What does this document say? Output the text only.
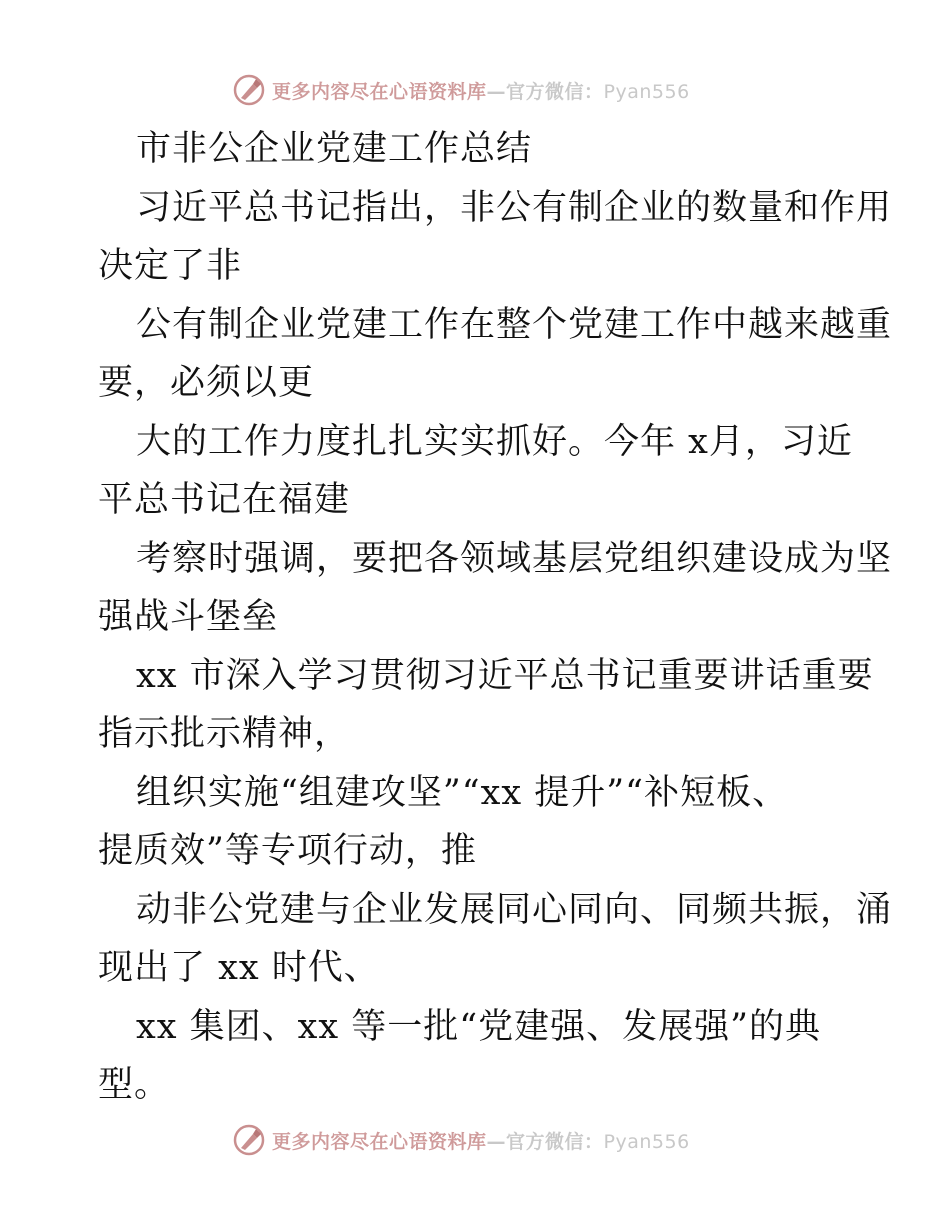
更多内容尽在心语资料库—官方微信：Pyan556
市非公企业党建工作总结
习近平总书记指出，非公有制企业的数量和作用
决定了非
公有制企业党建工作在整个党建工作中越来越重
要，必须以更
大的工作力度扎扎实实抓好。今年 x月，习近
平总书记在福建
考察时强调，要把各领域基层党组织建设成为坚
强战斗堡垒
xx 市深入学习贯彻习近平总书记重要讲话重要
指示批示精神，
组织实施“组建攻坚”“xx 提升”“补短板、
提质效”等专项行动，推
动非公党建与企业发展同心同向、同频共振，涌
现出了 xx 时代、
xx 集团、xx 等一批“党建强、发展强”的典
型。
更多内容尽在心语资料库—官方微信：Pyan556
